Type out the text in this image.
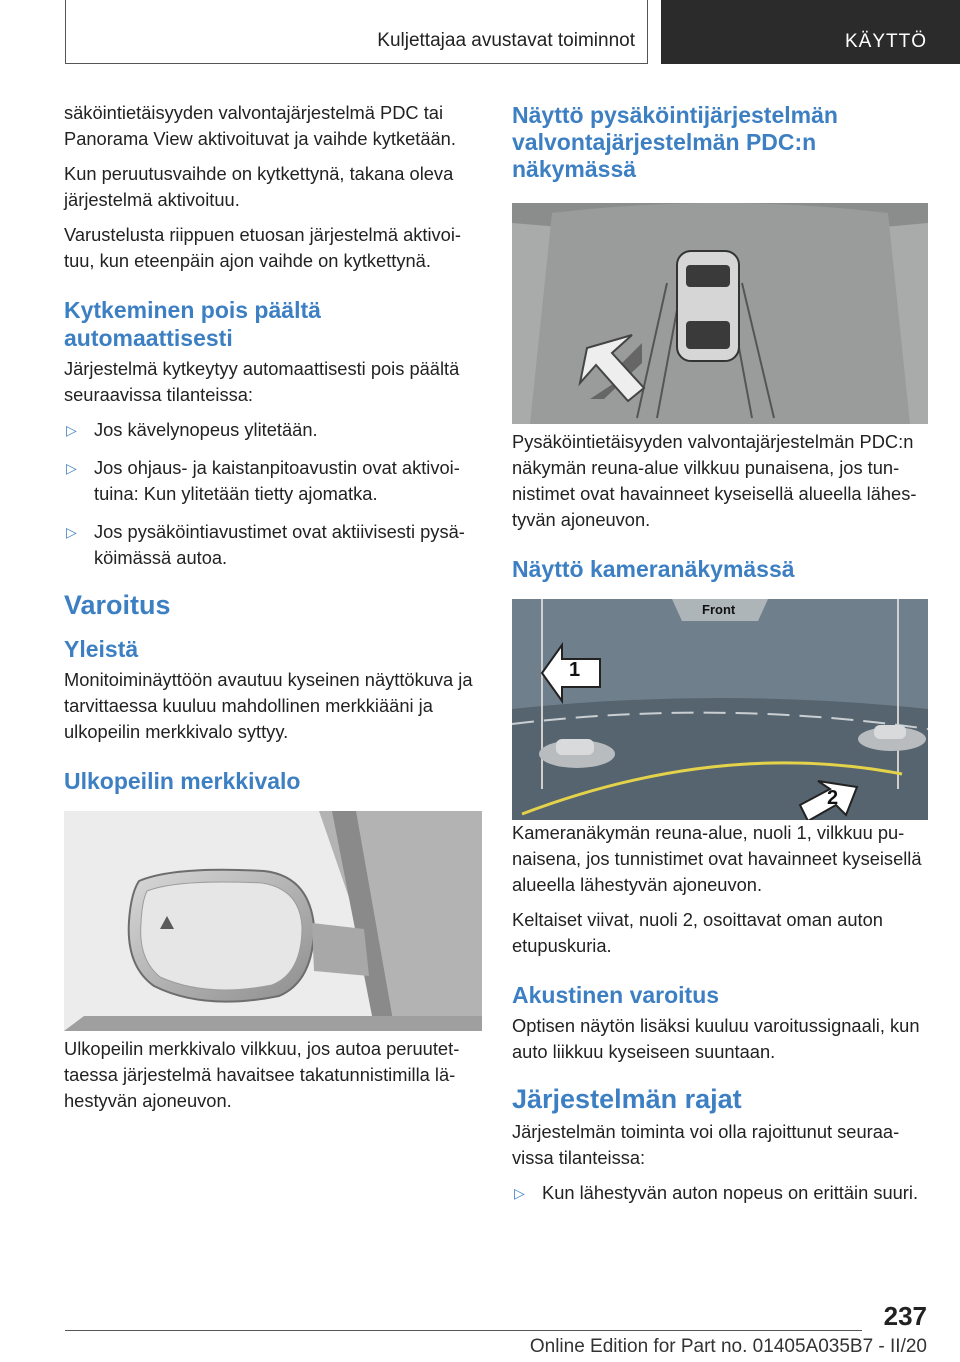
Kuljettajaa avustavat toiminnot	KÄYTTÖ

säköintietäisyyden valvontajärjestelmä PDC tai Panorama View aktivoituvat ja vaihde kytketään.

Kun peruutusvaihde on kytkettynä, takana oleva järjestelmä aktivoituu.

Varustelusta riippuen etuosan järjestelmä aktivoituu, kun eteenpäin ajon vaihde on kytkettynä.

Kytkeminen pois päältä automaattisesti

Järjestelmä kytkeytyy automaattisesti pois päältä seuraavissa tilanteissa:

▷ Jos kävelynopeus ylitetään.
▷ Jos ohjaus- ja kaistanpitoavustin ovat aktivoituina: Kun ylitetään tietty ajomatka.
▷ Jos pysäköintiavustimet ovat aktiivisesti pysäköimässä autoa.
Varoitus
Yleistä

Monitoiminäyttöön avautuu kyseinen näyttökuva ja tarvittaessa kuuluu mahdollinen merkkiääni ja ulkopeilin merkkivalo syttyy.

Ulkopeilin merkkivalo

Ulkopeilin merkkivalo vilkkuu, jos autoa peruutettaessa järjestelmä havaitsee takatunnistimilla lähestyvän ajoneuvon.

Näyttö pysäköintijärjestelmän valvontajärjestelmän PDC:n näkymässä

Pysäköintietäisyyden valvontajärjestelmän PDC:n näkymän reuna-alue vilkkuu punaisena, jos tunnistimet ovat havainneet kyseisellä alueella lähestyvän ajoneuvon.

Näyttö kameranäkymässä
Front
1
2

Kameranäkymän reuna-alue, nuoli 1, vilkkuu punaisena, jos tunnistimet ovat havainneet kyseisellä alueella lähestyvän ajoneuvon.

Keltaiset viivat, nuoli 2, osoittavat oman auton etupuskuria.

Akustinen varoitus

Optisen näytön lisäksi kuuluu varoitussignaali, kun auto liikkuu kyseiseen suuntaan.

Järjestelmän rajat

Järjestelmän toiminta voi olla rajoittunut seuraavissa tilanteissa:

▷ Kun lähestyvän auton nopeus on erittäin suuri.
237
Online Edition for Part no. 01405A035B7 - II/20
